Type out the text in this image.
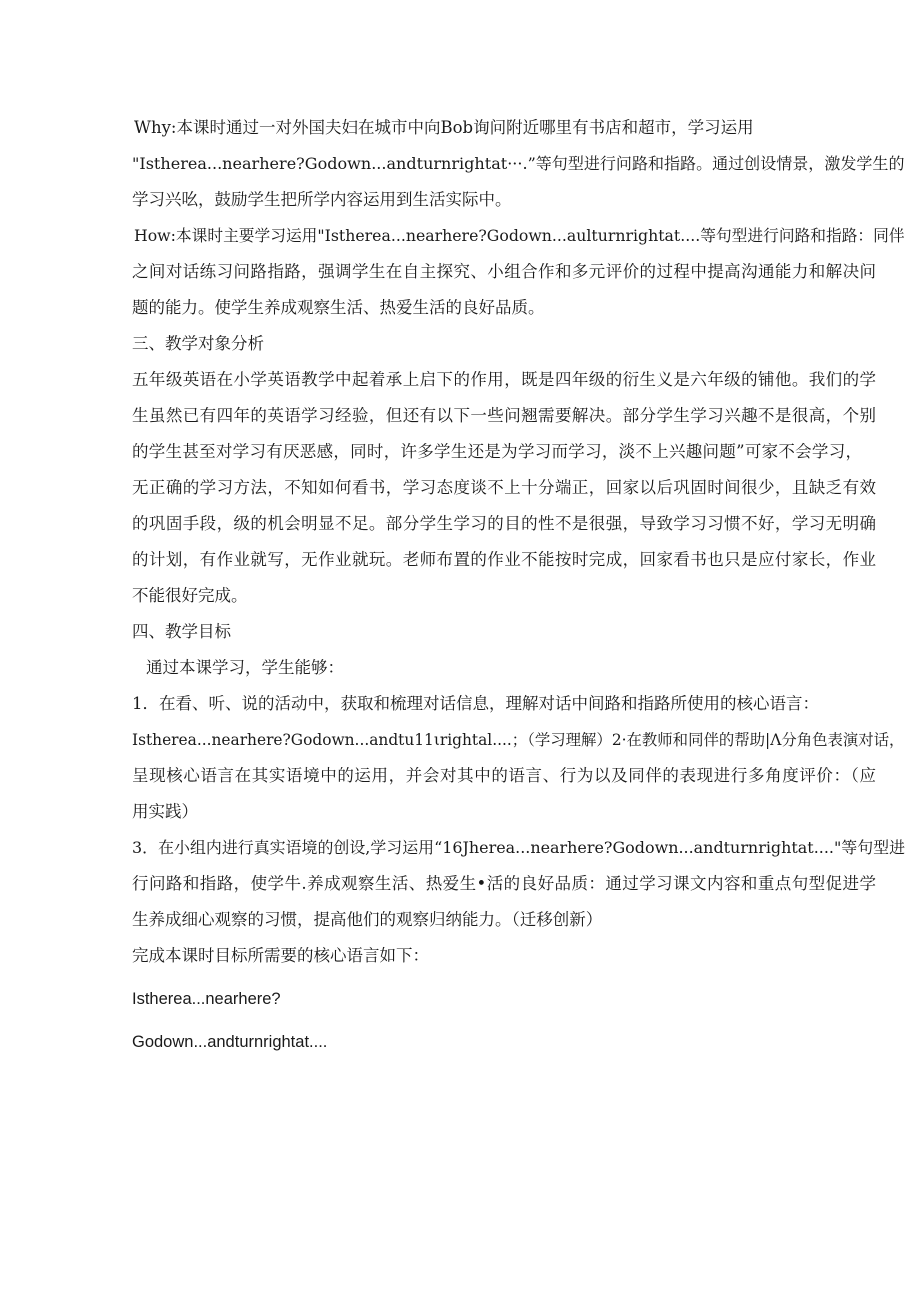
Why:本课时通过一对外国夫妇在城市中向Bob询问附近哪里有书店和超市，学习运用

"Istherea...nearhere?Godown...andturnrightat···.”等句型进行问路和指路。通过创设情景，激发学生的

学习兴吆，鼓励学生把所学内容运用到生活实际中。

How:本课时主要学习运用"Istherea...nearhere?Godown...aulturnrightat....等句型进行问路和指路：同伴

之间对话练习问路指路，强调学生在自主探究、小组合作和多元评价的过程中提高沟通能力和解决问

题的能力。使学生养成观察生活、热爱生活的良好品质。

三、教学对象分析

五年级英语在小学英语教学中起着承上启下的作用，既是四年级的衍生义是六年级的铺他。我们的学

生虽然已有四年的英语学习经验，但还有以下一些问翘需要解决。部分学生学习兴趣不是很高，个别

的学生甚至对学习有厌恶感，同时，许多学生还是为学习而学习，淡不上兴趣问题”可家不会学习，

无正确的学习方法，不知如何看书，学习态度谈不上十分端正，回家以后巩固时间很少，且缺乏有效

的巩固手段，级的机会明显不足。部分学生学习的目的性不是很强，导致学习习惯不好，学习无明确

的计划，有作业就写，无作业就玩。老师布置的作业不能按时完成，回家看书也只是应付家长，作业

不能很好完成。

四、教学目标

通过本课学习，学生能够：

1．在看、听、说的活动中，获取和梳理对话信息，理解对话中间路和指路所使用的核心语言：

Istherea...nearhere?Godown...andtu11ιrightal....；（学习理解）2·在教师和同伴的帮助|Λ分角色表演对话，

呈现核心语言在其实语境中的运用，并会对其中的语言、行为以及同伴的表现进行多角度评价：（应

用实践）

3．在小组内进行真实语境的创设,学习运用“16Jherea...nearhere?Godown...andturnrightat...."等句型进

行问路和指路，使学牛.养成观察生活、热爱生•活的良好品质：通过学习课文内容和重点句型促进学

生养成细心观察的习惯，提高他们的观察归纳能力。（迁移创新）

完成本课时目标所需要的核心语言如下：

Istherea...nearhere?

Godown...andturnrightat....
